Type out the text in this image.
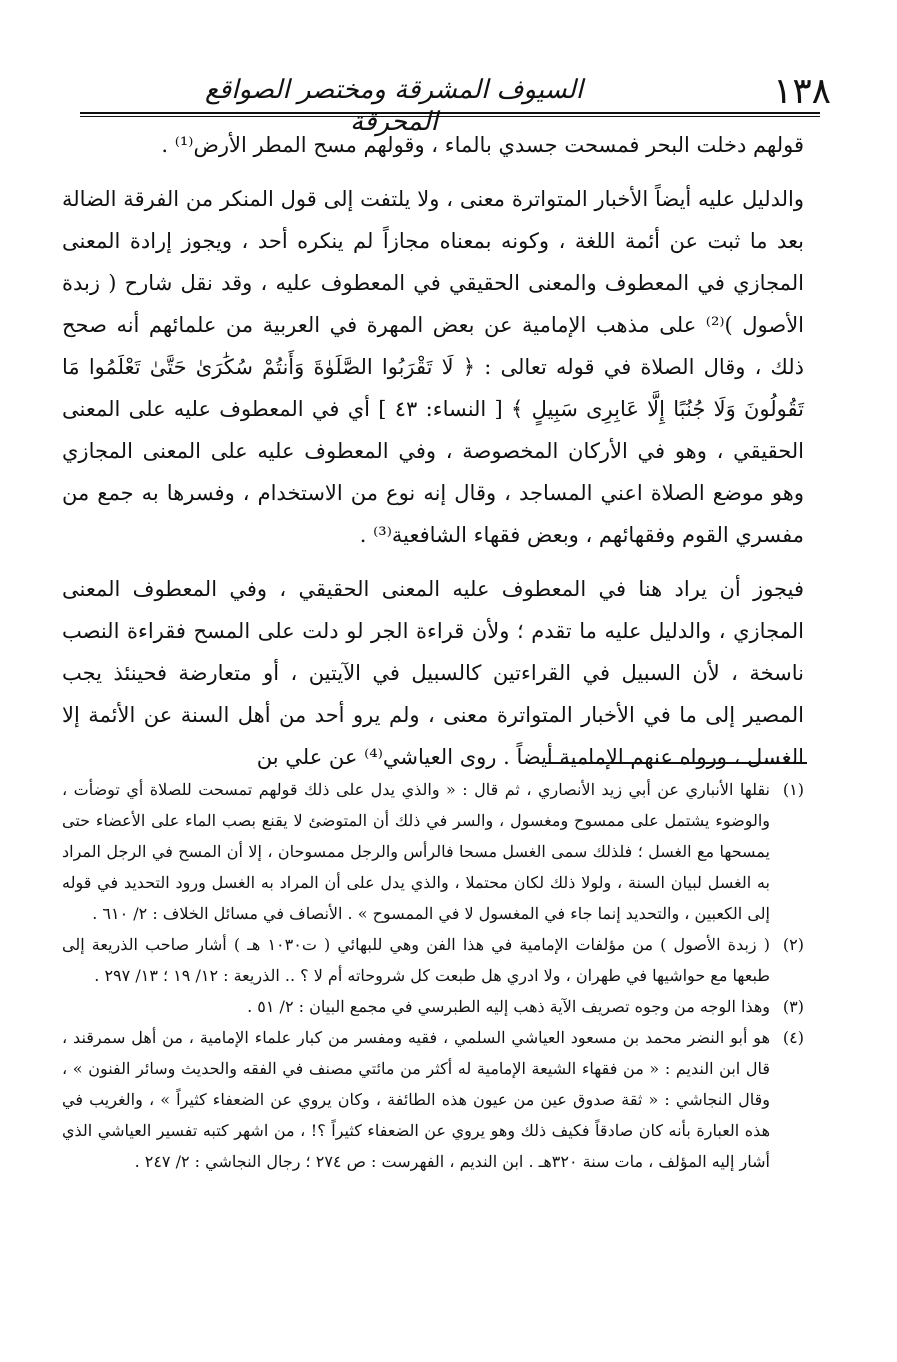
١٣٨
السيوف المشرقة ومختصر الصواقع المحرقة

قولهم دخلت البحر فمسحت جسدي بالماء ، وقولهم مسح المطر الأرض⁽¹⁾ .

والدليل عليه أيضاً الأخبار المتواترة معنى ، ولا يلتفت إلى قول المنكر من الفرقة الضالة بعد ما ثبت عن أئمة اللغة ، وكونه بمعناه مجازاً لم ينكره أحد ، ويجوز إرادة المعنى المجازي في المعطوف والمعنى الحقيقي في المعطوف عليه ، وقد نقل شارح ( زبدة الأصول )⁽²⁾ على مذهب الإمامية عن بعض المهرة في العربية من علمائهم أنه صحح ذلك ، وقال الصلاة في قوله تعالى : ﴿ لَا تَقْرَبُوا الصَّلَوٰةَ وَأَنتُمْ سُكَٰرَىٰ حَتَّىٰ تَعْلَمُوا مَا تَقُولُونَ وَلَا جُنُبًا إِلَّا عَابِرِى سَبِيلٍ ﴾ [ النساء: ٤٣ ] أي في المعطوف عليه على المعنى الحقيقي ، وهو في الأركان المخصوصة ، وفي المعطوف عليه على المعنى المجازي وهو موضع الصلاة اعني المساجد ، وقال إنه نوع من الاستخدام ، وفسرها به جمع من مفسري القوم وفقهائهم ، وبعض فقهاء الشافعية⁽³⁾ .

فيجوز أن يراد هنا في المعطوف عليه المعنى الحقيقي ، وفي المعطوف المعنى المجازي ، والدليل عليه ما تقدم ؛ ولأن قراءة الجر لو دلت على المسح فقراءة النصب ناسخة ، لأن السبيل في القراءتين كالسبيل في الآيتين ، أو متعارضة فحينئذ يجب المصير إلى ما في الأخبار المتواترة معنى ، ولم يرو أحد من أهل السنة عن الأئمة إلا الغسل ، ورواه عنهم الإمامية أيضاً . روى العياشي⁽⁴⁾ عن علي بن

(١)
نقلها الأنباري عن أبي زيد الأنصاري ، ثم قال : « والذي يدل على ذلك قولهم تمسحت للصلاة أي توضأت ، والوضوء يشتمل على ممسوح ومغسول ، والسر في ذلك أن المتوضئ لا يقنع بصب الماء على الأعضاء حتى يمسحها مع الغسل ؛ فلذلك سمى الغسل مسحا فالرأس والرجل ممسوحان ، إلا أن المسح في الرجل المراد به الغسل لبيان السنة ، ولولا ذلك لكان محتملا ، والذي يدل على أن المراد به الغسل ورود التحديد في قوله إلى الكعبين ، والتحديد إنما جاء في المغسول لا في الممسوح » . الأنصاف في مسائل الخلاف : ٢/ ٦١٠ .
(٢)
( زبدة الأصول ) من مؤلفات الإمامية في هذا الفن وهي للبهائي ( ت١٠٣٠ هـ ) أشار صاحب الذريعة إلى طبعها مع حواشيها في طهران ، ولا ادري هل طبعت كل شروحاته أم لا ؟ .. الذريعة : ١٢/ ١٩ ؛ ١٣/ ٢٩٧ .
(٣)
وهذا الوجه من وجوه تصريف الآية ذهب إليه الطبرسي في مجمع البيان : ٢/ ٥١ .
(٤)
هو أبو النضر محمد بن مسعود العياشي السلمي ، فقيه ومفسر من كبار علماء الإمامية ، من أهل سمرقند ، قال ابن النديم : « من فقهاء الشيعة الإمامية له أكثر من مائتي مصنف في الفقه والحديث وسائر الفنون » ، وقال النجاشي : « ثقة صدوق عين من عيون هذه الطائفة ، وكان يروي عن الضعفاء كثيراً » ، والغريب في هذه العبارة بأنه كان صادقاً فكيف ذلك وهو يروي عن الضعفاء كثيراً ؟! ، من اشهر كتبه تفسير العياشي الذي أشار إليه المؤلف ، مات سنة ٣٢٠هـ . ابن النديم ، الفهرست : ص ٢٧٤ ؛ رجال النجاشي : ٢/ ٢٤٧ .
